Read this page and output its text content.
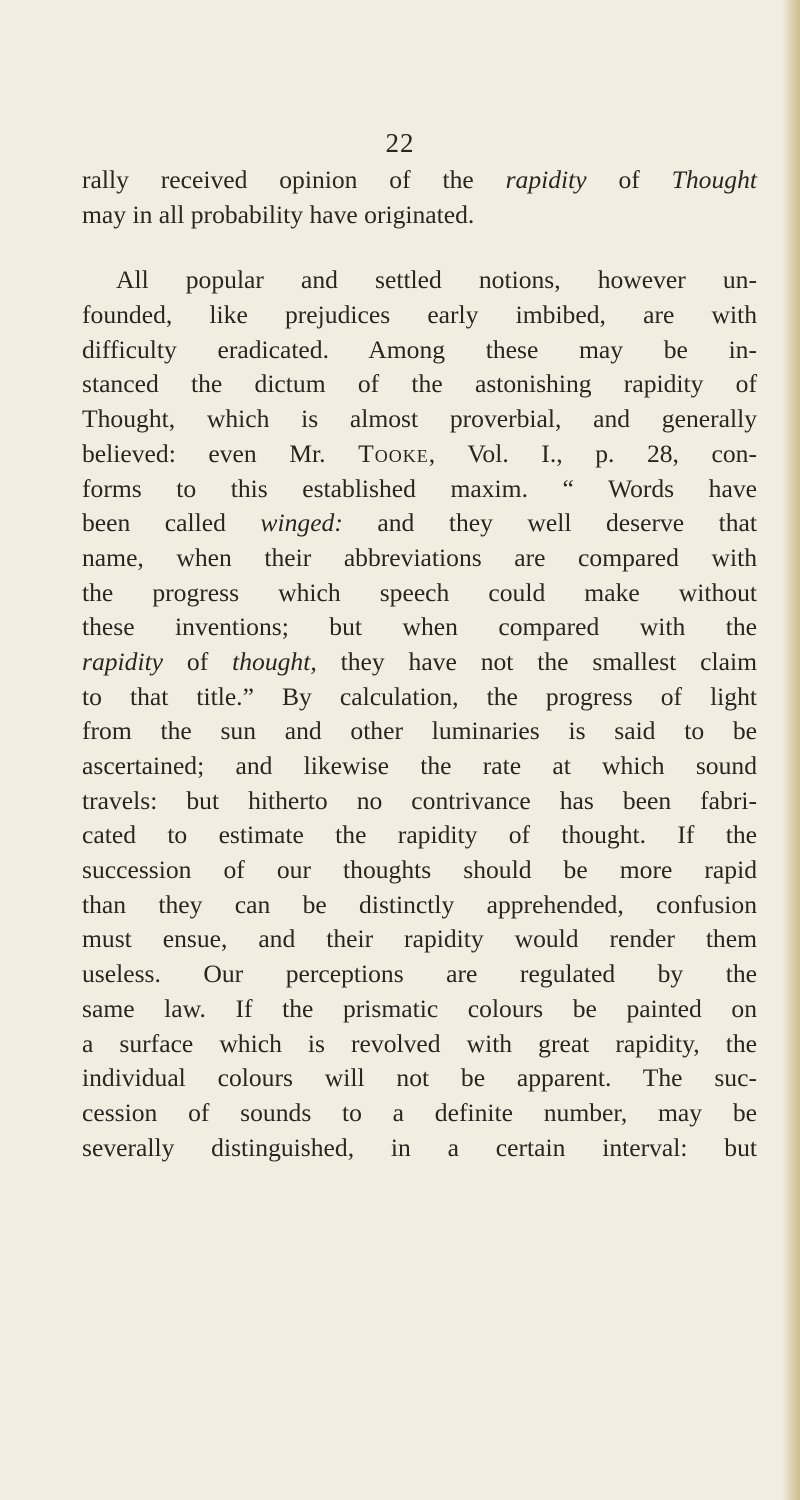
22
rally received opinion of the rapidity of Thought
may in all probability have originated.
All popular and settled notions, however un-
founded, like prejudices early imbibed, are with
difficulty eradicated. Among these may be in-
stanced the dictum of the astonishing rapidity of
Thought, which is almost proverbial, and generally
believed: even Mr. Tooke, Vol. I., p. 28, con-
forms to this established maxim. “ Words have
been called winged: and they well deserve that
name, when their abbreviations are compared with
the progress which speech could make without
these inventions; but when compared with the
rapidity of thought, they have not the smallest claim
to that title.” By calculation, the progress of light
from the sun and other luminaries is said to be
ascertained; and likewise the rate at which sound
travels: but hitherto no contrivance has been fabri-
cated to estimate the rapidity of thought. If the
succession of our thoughts should be more rapid
than they can be distinctly apprehended, confusion
must ensue, and their rapidity would render them
useless. Our perceptions are regulated by the
same law. If the prismatic colours be painted on
a surface which is revolved with great rapidity, the
individual colours will not be apparent. The suc-
cession of sounds to a definite number, may be
severally distinguished, in a certain interval: but
